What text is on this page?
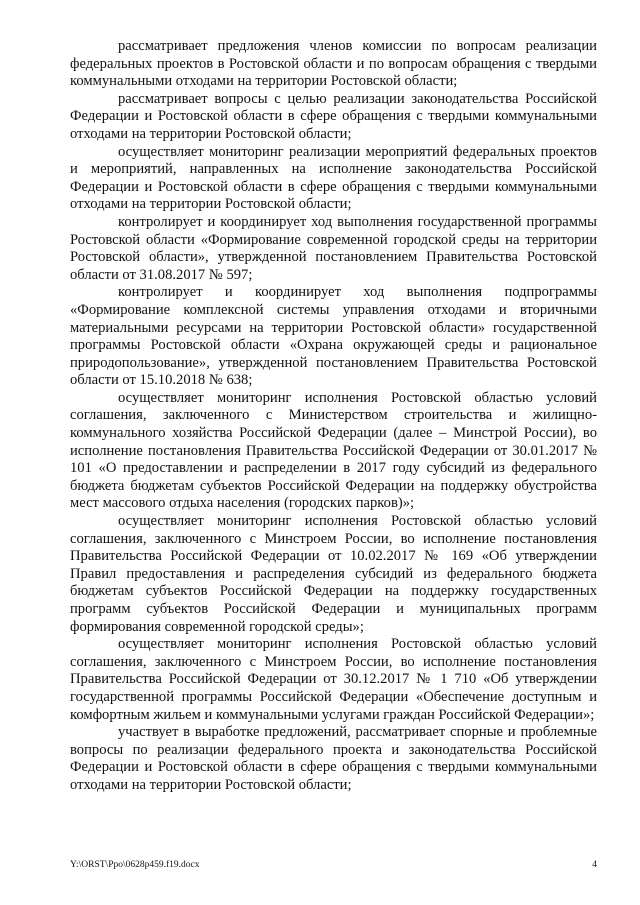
рассматривает предложения членов комиссии по вопросам реализации федеральных проектов в Ростовской области и по вопросам обращения с твердыми коммунальными отходами на территории Ростовской области;

рассматривает вопросы с целью реализации законодательства Российской Федерации и Ростовской области в сфере обращения с твердыми коммунальными отходами на территории Ростовской области;

осуществляет мониторинг реализации мероприятий федеральных проектов и мероприятий, направленных на исполнение законодательства Российской Федерации и Ростовской области в сфере обращения с твердыми коммунальными отходами на территории Ростовской области;

контролирует и координирует ход выполнения государственной программы Ростовской области «Формирование современной городской среды на территории Ростовской области», утвержденной постановлением Правительства Ростовской области от 31.08.2017 № 597;

контролирует и координирует ход выполнения подпрограммы «Формирование комплексной системы управления отходами и вторичными материальными ресурсами на территории Ростовской области» государственной программы Ростовской области «Охрана окружающей среды и рациональное природопользование», утвержденной постановлением Правительства Ростовской области от 15.10.2018 № 638;

осуществляет мониторинг исполнения Ростовской областью условий соглашения, заключенного с Министерством строительства и жилищно-коммунального хозяйства Российской Федерации (далее – Минстрой России), во исполнение постановления Правительства Российской Федерации от 30.01.2017 № 101 «О предоставлении и распределении в 2017 году субсидий из федерального бюджета бюджетам субъектов Российской Федерации на поддержку обустройства мест массового отдыха населения (городских парков)»;

осуществляет мониторинг исполнения Ростовской областью условий соглашения, заключенного с Минстроем России, во исполнение постановления Правительства Российской Федерации от 10.02.2017 № 169 «Об утверждении Правил предоставления и распределения субсидий из федерального бюджета бюджетам субъектов Российской Федерации на поддержку государственных программ субъектов Российской Федерации и муниципальных программ формирования современной городской среды»;

осуществляет мониторинг исполнения Ростовской областью условий соглашения, заключенного с Минстроем России, во исполнение постановления Правительства Российской Федерации от 30.12.2017 № 1 710 «Об утверждении государственной программы Российской Федерации «Обеспечение доступным и комфортным жильем и коммунальными услугами граждан Российской Федерации»;

участвует в выработке предложений, рассматривает спорные и проблемные вопросы по реализации федерального проекта и законодательства Российской Федерации и Ростовской области в сфере обращения с твердыми коммунальными отходами на территории Ростовской области;

Y:\ORST\Ppo\0628p459.f19.docx	4
